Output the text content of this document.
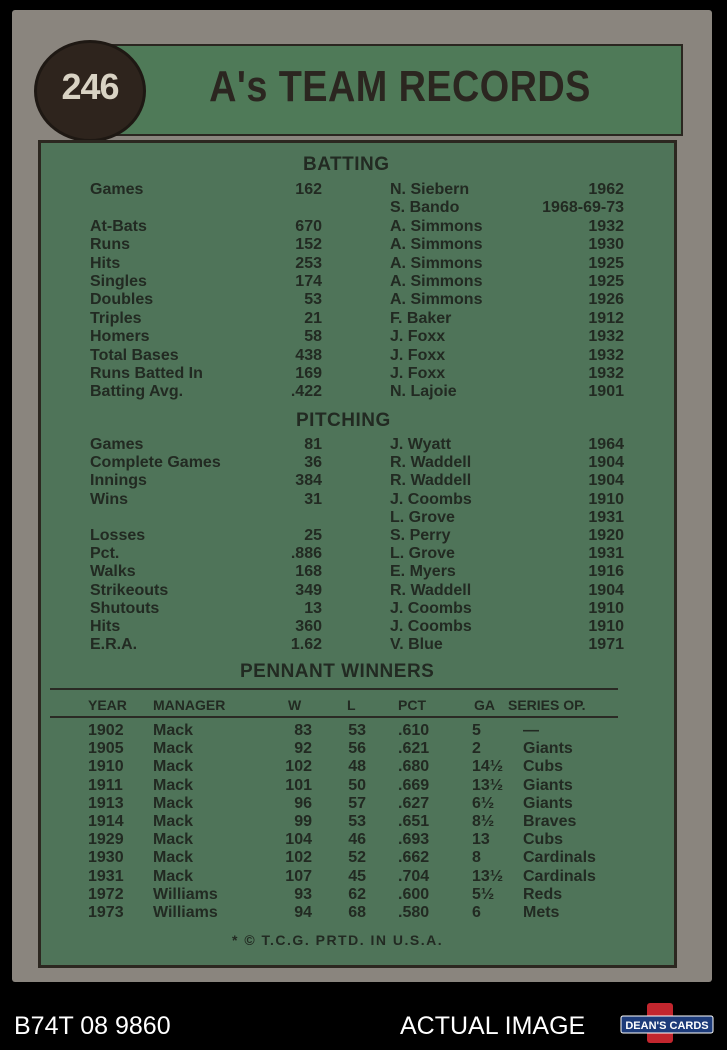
246	A's TEAM RECORDS
BATTING
Games	162	N. Siebern	1962
S. Bando	1968-69-73
At-Bats	670	A. Simmons	1932
Runs	152	A. Simmons	1930
Hits	253	A. Simmons	1925
Singles	174	A. Simmons	1925
Doubles	53	A. Simmons	1926
Triples	21	F. Baker	1912
Homers	58	J. Foxx	1932
Total Bases	438	J. Foxx	1932
Runs Batted In	169	J. Foxx	1932
Batting Avg.	.422	N. Lajoie	1901
PITCHING
Games	81	J. Wyatt	1964
Complete Games	36	R. Waddell	1904
Innings	384	R. Waddell	1904
Wins	31	J. Coombs	1910
L. Grove	1931
Losses	25	S. Perry	1920
Pct.	.886	L. Grove	1931
Walks	168	E. Myers	1916
Strikeouts	349	R. Waddell	1904
Shutouts	13	J. Coombs	1910
Hits	360	J. Coombs	1910
E.R.A.	1.62	V. Blue	1971
PENNANT WINNERS
YEAR MANAGER	W	L	PCT	GA SERIES OP.
1902 Mack	83	53 .610	5	—
1905 Mack	92	56 .621	2	Giants
1910 Mack	102	48 .680	14½ Cubs
1911 Mack	101	50 .669	13½ Giants
1913 Mack	96	57 .627	6½ Giants
1914 Mack	99	53 .651	8½ Braves
1929 Mack	104	46 .693	13 Cubs
1930 Mack	102	52 .662	8	Cardinals
1931 Mack	107	45 .704	13½ Cardinals
1972 Williams	93	62 .600	5½ Reds
1973 Williams	94	68 .580	6	Mets
* © T.C.G. PRTD. IN U.S.A.
B74T 08 9860	ACTUAL IMAGE	DEAN'S CARDS
